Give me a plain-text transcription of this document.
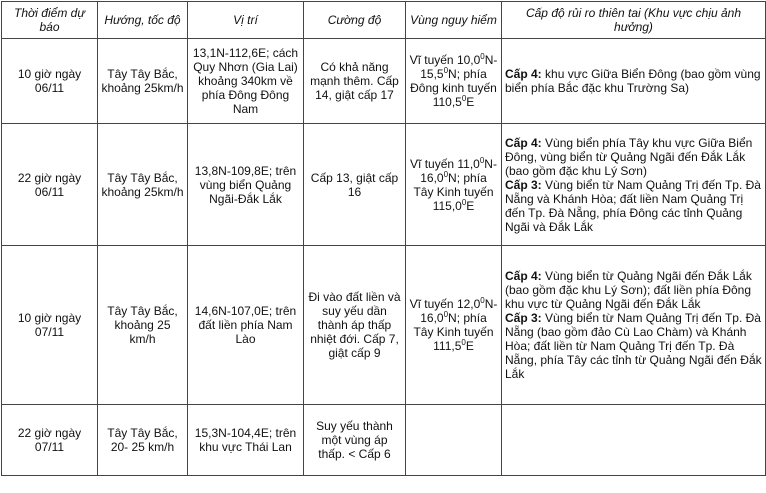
Thời điểm dự báo	Hướng, tốc độ	Vị trí	Cường độ	Vùng nguy hiểm	Cấp độ rủi ro thiên tai (Khu vực chịu ảnh hưởng)
10 giờ ngày 06/11	Tây Tây Bắc, khoảng 25km/h	13,1N-112,6E; cách Quy Nhơn (Gia Lai) khoảng 340km về phía Đông Đông Nam	Có khả năng mạnh thêm. Cấp 14, giật cấp 17	Vĩ tuyến 10,0$^0$N-15,5$^0$N; phía Đông kinh tuyến 110,5$^0$E	Cấp 4: khu vực Giữa Biển Đông (bao gồm vùng biển phía Bắc đặc khu Trường Sa)

22 giờ ngày 06/11	Tây Tây Bắc, khoảng 25km/h	13,8N-109,8E; trên vùng biển Quảng Ngãi-Đắk Lắk	Cấp 13, giật cấp 16	Vĩ tuyến 11,0$^0$N-16,0$^0$N; phía Tây Kinh tuyến 115,0$^0$E	Cấp 4: Vùng biển phía Tây khu vực Giữa Biển Đông, vùng biển từ Quảng Ngãi đến Đắk Lắk (bao gồm đặc khu Lý Sơn)
Cấp 3: Vùng biển từ Nam Quảng Trị đến Tp. Đà Nẵng và Khánh Hòa; đất liền Nam Quảng Trị đến Tp. Đà Nẵng, phía Đông các tỉnh Quảng Ngãi và Đắk Lắk

10 giờ ngày 07/11	Tây Tây Bắc, khoảng 25 km/h	14,6N-107,0E; trên đất liền phía Nam Lào	Đi vào đất liền và suy yếu dần thành áp thấp nhiệt đới. Cấp 7, giật cấp 9	Vĩ tuyến 12,0$^0$N-16,0$^0$N; phía Tây Kinh tuyến 111,5$^0$E	Cấp 4: Vùng biển từ Quảng Ngãi đến Đắk Lắk (bao gồm đặc khu Lý Sơn); đất liền phía Đông khu vực từ Quảng Ngãi đến Đắk Lắk
Cấp 3: Vùng biển từ Nam Quảng Trị đến Tp. Đà Nẵng (bao gồm đảo Cù Lao Chàm) và Khánh Hòa; đất liền từ Nam Quảng Trị đến Tp. Đà Nẵng, phía Tây các tỉnh từ Quảng Ngãi đến Đắk Lắk

22 giờ ngày 07/11	Tây Tây Bắc, 20- 25 km/h	15,3N-104,4E; trên khu vực Thái Lan	Suy yếu thành một vùng áp thấp. < Cấp 6		
